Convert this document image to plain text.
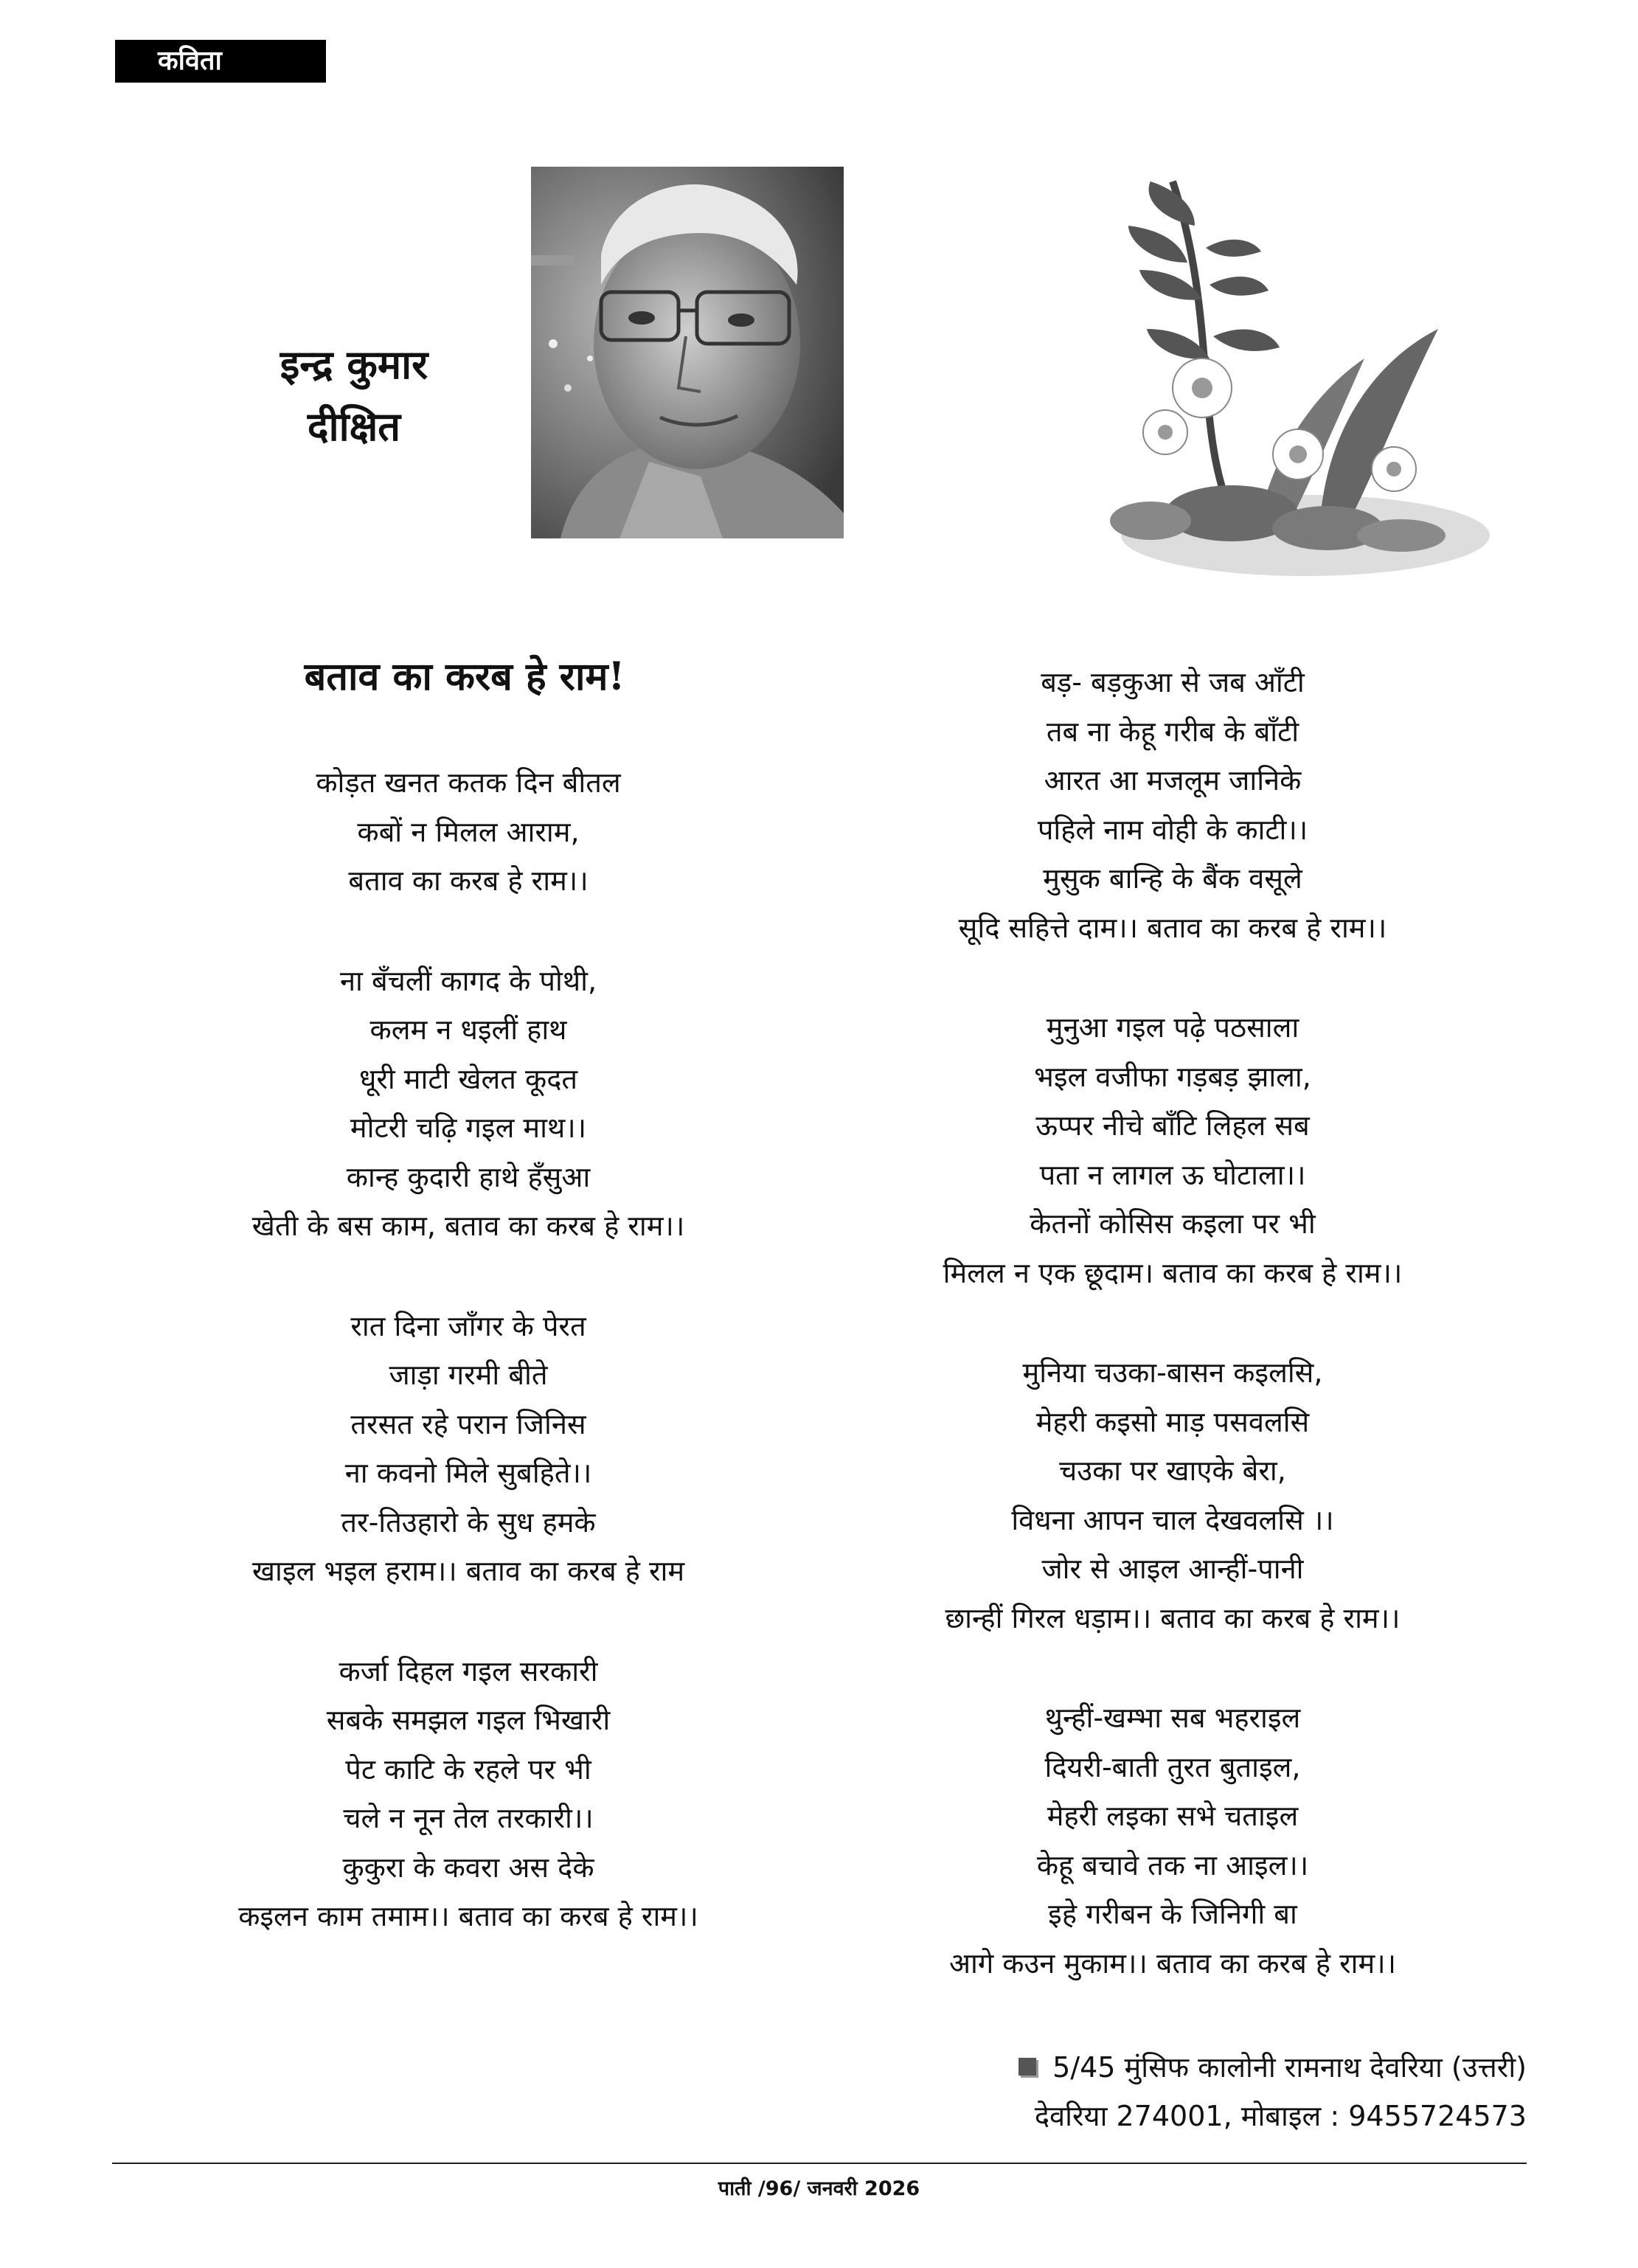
कविता
इन्द्र कुमार
दीक्षित
बताव का करब हे राम!
कोड़त खनत कतक दिन बीतल
कबों न मिलल आराम,
बताव का करब हे राम।।
ना बँचलीं कागद के पोथी,
कलम न धइलीं हाथ
धूरी माटी खेलत कूदत
मोटरी चढ़ि गइल माथ।।
कान्ह कुदारी हाथे हँसुआ
खेती के बस काम, बताव का करब हे राम।।
रात दिना जाँगर के पेरत
जाड़ा गरमी बीते
तरसत रहे परान जिनिस
ना कवनो मिले सुबहिते।।
तर-तिउहारो के सुध हमके
खाइल भइल हराम।। बताव का करब हे राम
कर्जा दिहल गइल सरकारी
सबके समझल गइल भिखारी
पेट काटि के रहले पर भी
चले न नून तेल तरकारी।।
कुकुरा के कवरा अस देके
कइलन काम तमाम।। बताव का करब हे राम।।
बड़- बड़कुआ से जब आँटी
तब ना केहू गरीब के बाँटी
आरत आ मजलूम जानिके
पहिले नाम वोही के काटी।।
मुसुक बान्हि के बैंक वसूले
सूदि सहित्ते दाम।। बताव का करब हे राम।।
मुनुआ गइल पढ़े पठसाला
भइल वजीफा गड़बड़ झाला,
ऊप्पर नीचे बाँटि लिहल सब
पता न लागल ऊ घोटाला।।
केतनों कोसिस कइला पर भी
मिलल न एक छूदाम। बताव का करब हे राम।।
मुनिया चउका-बासन कइलसि,
मेहरी कइसो माड़ पसवलसि
चउका पर खाएके बेरा,
विधना आपन चाल देखवलसि ।।
जोर से आइल आन्हीं-पानी
छान्हीं गिरल धड़ाम।। बताव का करब हे राम।।
थुन्हीं-खम्भा सब भहराइल
दियरी-बाती तुरत बुताइल,
मेहरी लइका सभे चताइल
केहू बचावे तक ना आइल।।
इहे गरीबन के जिनिगी बा
आगे कउन मुकाम।। बताव का करब हे राम।।
5/45 मुंसिफ कालोनी रामनाथ देवरिया (उत्तरी)
देवरिया 274001, मोबाइल : 9455724573
पाती /96/ जनवरी 2026
